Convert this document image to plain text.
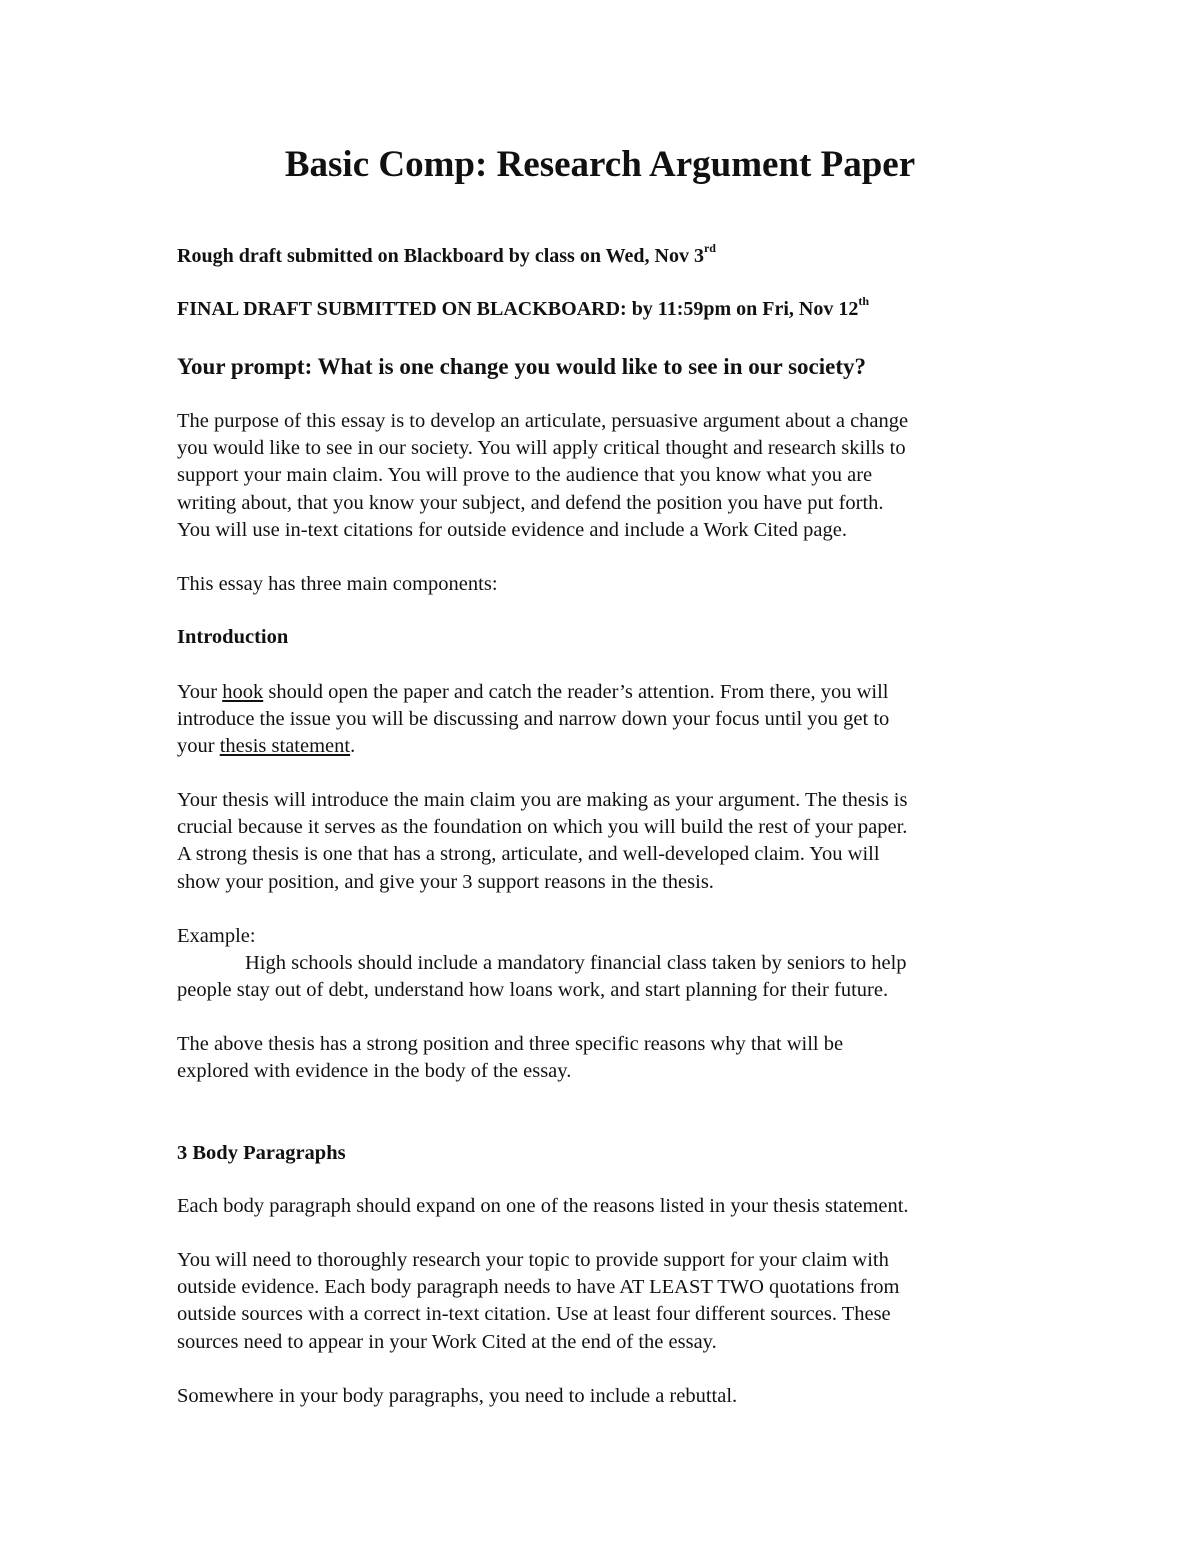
Basic Comp: Research Argument Paper

Rough draft submitted on Blackboard by class on Wed, Nov 3rd

FINAL DRAFT SUBMITTED ON BLACKBOARD: by 11:59pm on Fri, Nov 12th

Your prompt: What is one change you would like to see in our society?

The purpose of this essay is to develop an articulate, persuasive argument about a change

you would like to see in our society. You will apply critical thought and research skills to

support your main claim. You will prove to the audience that you know what you are

writing about, that you know your subject, and defend the position you have put forth.

You will use in-text citations for outside evidence and include a Work Cited page.

This essay has three main components:

Introduction

Your hook should open the paper and catch the reader’s attention. From there, you will

introduce the issue you will be discussing and narrow down your focus until you get to

your thesis statement.

Your thesis will introduce the main claim you are making as your argument. The thesis is

crucial because it serves as the foundation on which you will build the rest of your paper.

A strong thesis is one that has a strong, articulate, and well-developed claim. You will

show your position, and give your 3 support reasons in the thesis.

Example:

High schools should include a mandatory financial class taken by seniors to help

people stay out of debt, understand how loans work, and start planning for their future.

The above thesis has a strong position and three specific reasons why that will be

explored with evidence in the body of the essay.

3 Body Paragraphs

Each body paragraph should expand on one of the reasons listed in your thesis statement.

You will need to thoroughly research your topic to provide support for your claim with

outside evidence. Each body paragraph needs to have AT LEAST TWO quotations from

outside sources with a correct in-text citation. Use at least four different sources. These

sources need to appear in your Work Cited at the end of the essay.

Somewhere in your body paragraphs, you need to include a rebuttal.
